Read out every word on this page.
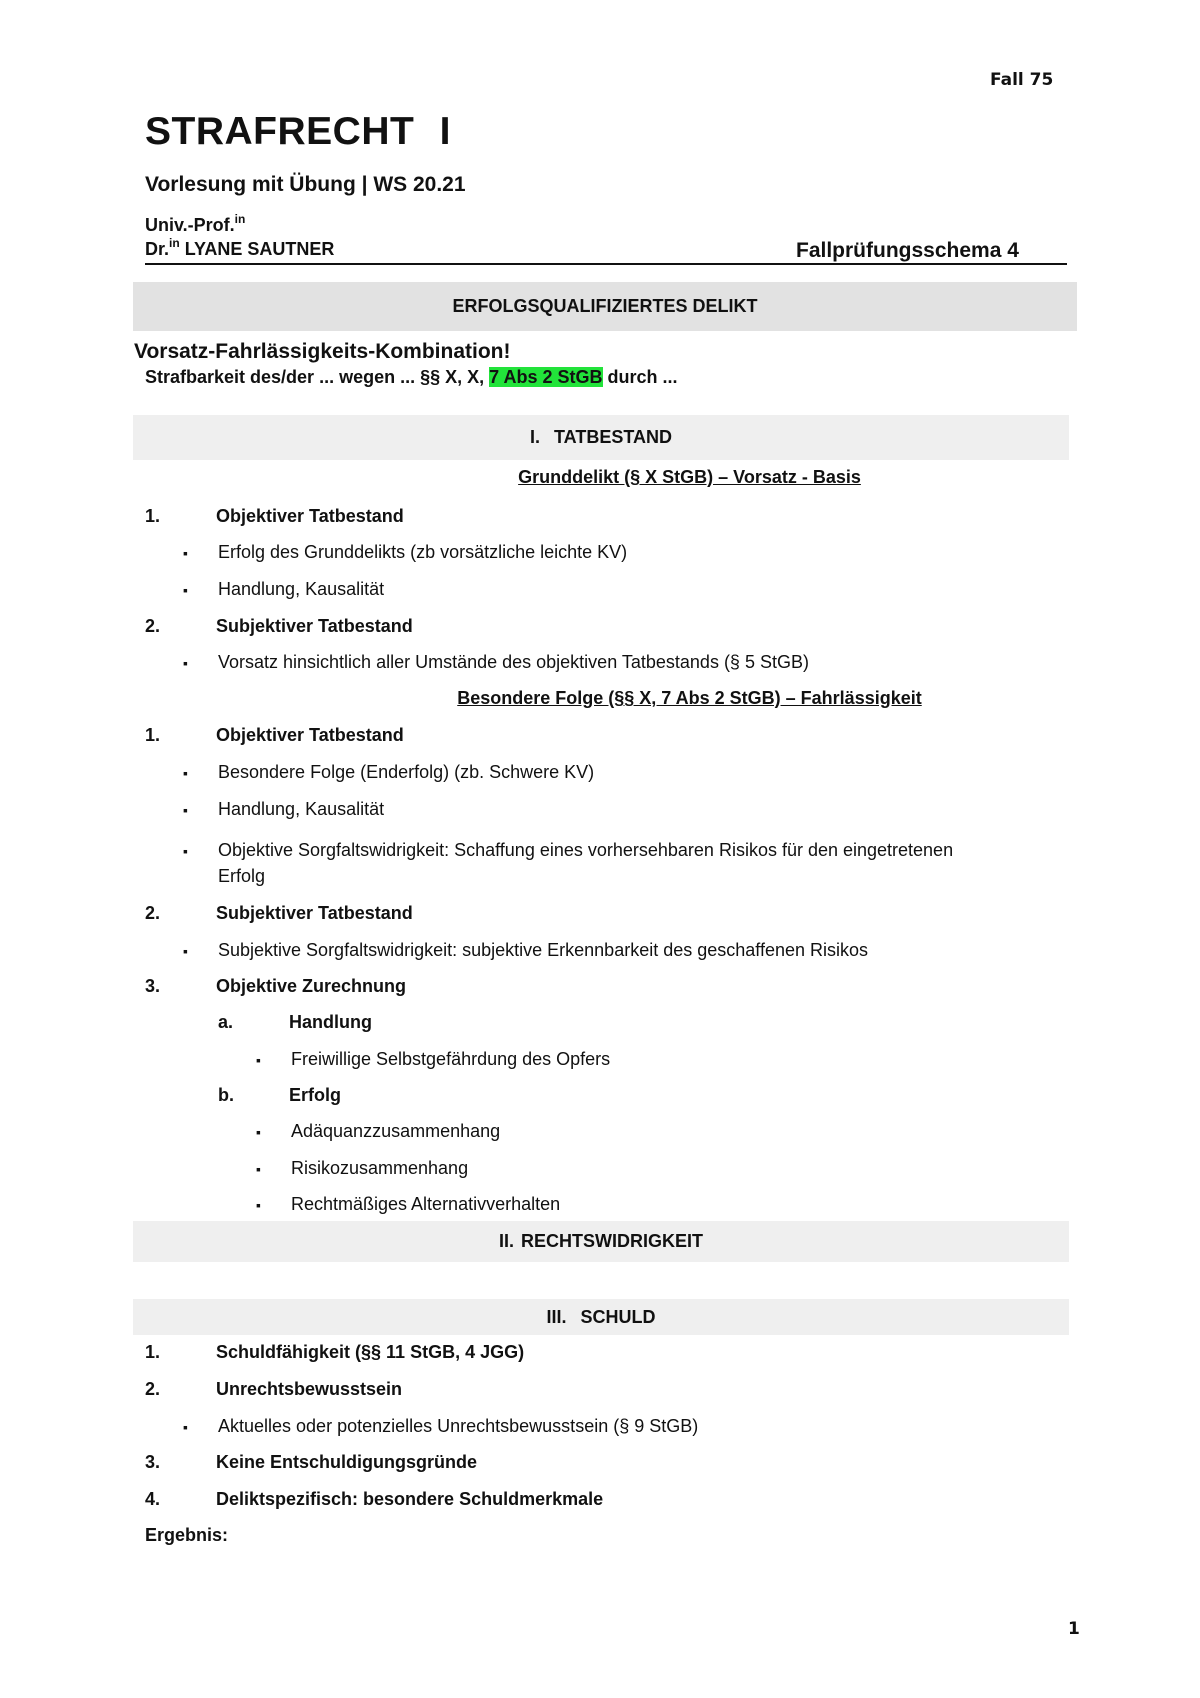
Fall 75

STRAFRECHT I

Vorlesung mit Übung | WS 20.21

Univ.-Prof.$^{in}$

Dr.$^{in}$ LYANE SAUTNER	Fallprüfungsschema 4

ERFOLGSQUALIFIZIERTES DELIKT

Vorsatz-Fahrlässigkeits-Kombination!

Strafbarkeit des/der ... wegen ... §§ X, X, 7 Abs 2 StGB durch ...

I. TATBESTAND
Grunddelikt (§ X StGB) – Vorsatz - Basis
1.	Objektiver Tatbestand
▪ Erfolg des Grunddelikts (zb vorsätzliche leichte KV)
▪ Handlung, Kausalität
2.	Subjektiver Tatbestand
▪ Vorsatz hinsichtlich aller Umstände des objektiven Tatbestands (§ 5 StGB)
Besondere Folge (§§ X, 7 Abs 2 StGB) – Fahrlässigkeit
1.	Objektiver Tatbestand
▪ Besondere Folge (Enderfolg) (zb. Schwere KV)
▪ Handlung, Kausalität
▪ Objektive Sorgfaltswidrigkeit: Schaffung eines vorhersehbaren Risikos für den eingetretenen
Erfolg
2.	Subjektiver Tatbestand
▪ Subjektive Sorgfaltswidrigkeit: subjektive Erkennbarkeit des geschaffenen Risikos
3.	Objektive Zurechnung
a.	Handlung
▪ Freiwillige Selbstgefährdung des Opfers
b.	Erfolg
▪ Adäquanzzusammenhang
▪ Risikozusammenhang
▪ Rechtmäßiges Alternativverhalten
II. RECHTSWIDRIGKEIT
III. SCHULD
1.	Schuldfähigkeit (§§ 11 StGB, 4 JGG)
2.	Unrechtsbewusstsein
▪ Aktuelles oder potenzielles Unrechtsbewusstsein (§ 9 StGB)
3.	Keine Entschuldigungsgründe
4.	Deliktspezifisch: besondere Schuldmerkmale
Ergebnis:
1
